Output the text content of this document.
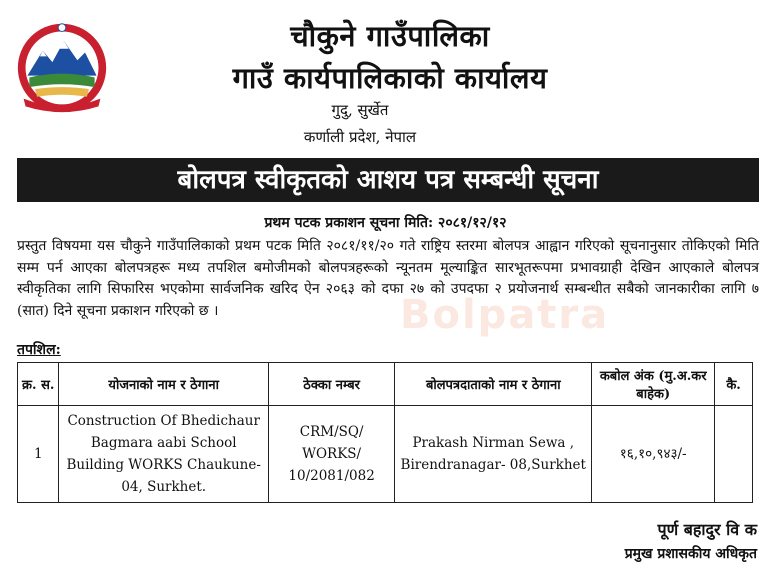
चौकुने गाउँपालिका
गाउँ कार्यपालिकाको कार्यालय
गुदु, सुर्खेत
कर्णाली प्रदेश, नेपाल
बोलपत्र स्वीकृतको आशय पत्र सम्बन्धी सूचना
प्रथम पटक प्रकाशन सूचना मिति: २०८१/१२/१२
प्रस्तुत विषयमा यस चौकुने गाउँपालिकाको प्रथम पटक मिति २०८१/११/२० गते राष्ट्रिय स्तरमा बोलपत्र आह्वान गरिएको सूचनानुसार तोकिएको मिति सम्म पर्न आएका बोलपत्रहरू मध्य तपशिल बमोजीमको बोलपत्रहरूको न्यूनतम मूल्याङ्कित सारभूतरूपमा प्रभावग्राही देखिन आएकाले बोलपत्र स्वीकृतिका लागि सिफारिस भएकोमा सार्वजनिक खरिद ऐन २०६३ को दफा २७ को उपदफा २ प्रयोजनार्थ सम्बन्धीत सबैको जानकारीका लागि ७ (सात) दिने सूचना प्रकाशन गरिएको छ ।	Bolpatra
तपशिल:
क्र. स.	योजनाको नाम र ठेगाना	ठेक्का नम्बर	बोलपत्रदाताको नाम र ठेगाना	कबोल अंक (मु.अ.कर बाहेक)	कै.
1	Construction Of Bhedichaur Bagmara aabi School Building WORKS Chaukune-04, Surkhet.	CRM/SQ/ WORKS/ 10/2081/082	Prakash Nirman Sewa , Birendranagar- 08,Surkhet	१६,१०,९४३/-	
पूर्ण बहादुर वि क
प्रमुख प्रशासकीय अधिकृत
